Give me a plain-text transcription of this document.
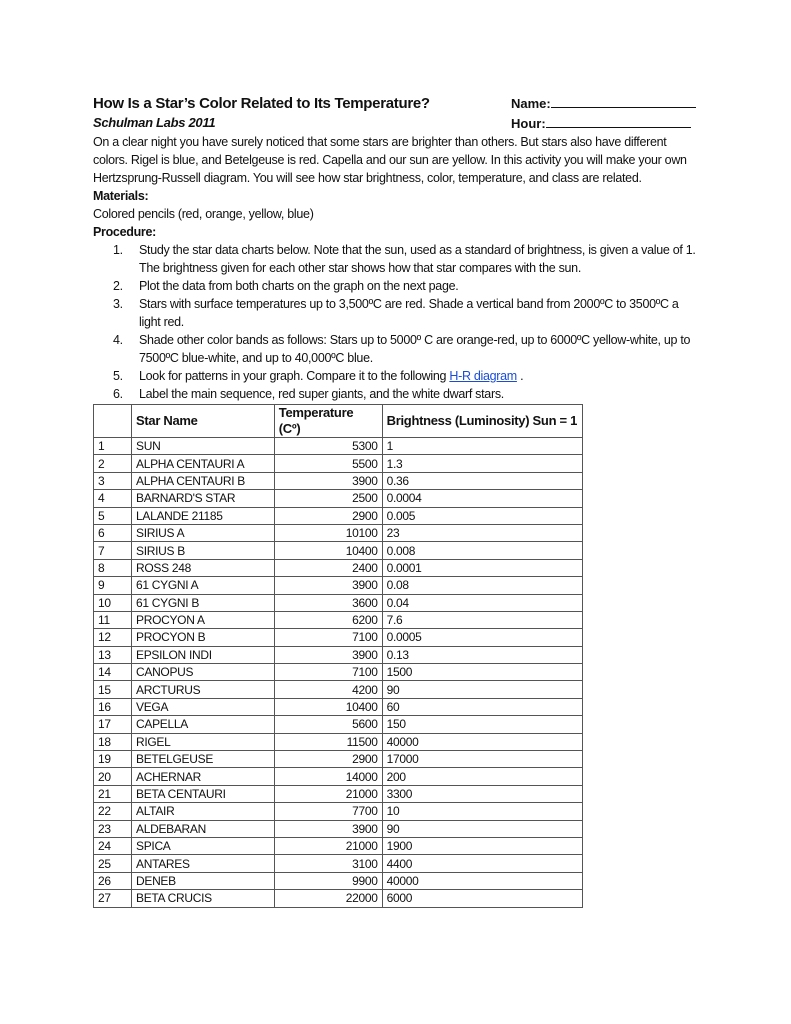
How Is a Star’s Color Related to Its Temperature?	Name:
Schulman Labs 2011	Hour:

On a clear night you have surely noticed that some stars are brighter than others. But stars also have different colors. Rigel is blue, and Betelgeuse is red. Capella and our sun are yellow. In this activity you will make your own Hertzsprung-Russell diagram. You will see how star brightness, color, temperature, and class are related.

Materials:

Colored pencils (red, orange, yellow, blue)

Procedure:

1. Study the star data charts below. Note that the sun, used as a standard of brightness, is given a value of 1. The brightness given for each other star shows how that star compares with the sun.
2. Plot the data from both charts on the graph on the next page.
3. Stars with surface temperatures up to 3,500ºC are red. Shade a vertical band from 2000ºC to 3500ºC a light red.
4. Shade other color bands as follows: Stars up to 5000º C are orange-red, up to 6000ºC yellow-white, up to 7500ºC blue-white, and up to 40,000ºC blue.
5. Look for patterns in your graph. Compare it to the following H-R diagram .
6. Label the main sequence, red super giants, and the white dwarf stars.
	Star Name	Temperature (Cº)	Brightness (Luminosity) Sun = 1
1	SUN	5300	1
2	ALPHA CENTAURI A	5500	1.3
3	ALPHA CENTAURI B	3900	0.36
4	BARNARD'S STAR	2500	0.0004
5	LALANDE 21185	2900	0.005
6	SIRIUS A	10100	23
7	SIRIUS B	10400	0.008
8	ROSS 248	2400	0.0001
9	61 CYGNI A	3900	0.08
10	61 CYGNI B	3600	0.04
11	PROCYON A	6200	7.6
12	PROCYON B	7100	0.0005
13	EPSILON INDI	3900	0.13
14	CANOPUS	7100	1500
15	ARCTURUS	4200	90
16	VEGA	10400	60
17	CAPELLA	5600	150
18	RIGEL	11500	40000
19	BETELGEUSE	2900	17000
20	ACHERNAR	14000	200
21	BETA CENTAURI	21000	3300
22	ALTAIR	7700	10
23	ALDEBARAN	3900	90
24	SPICA	21000	1900
25	ANTARES	3100	4400
26	DENEB	9900	40000
27	BETA CRUCIS	22000	6000
